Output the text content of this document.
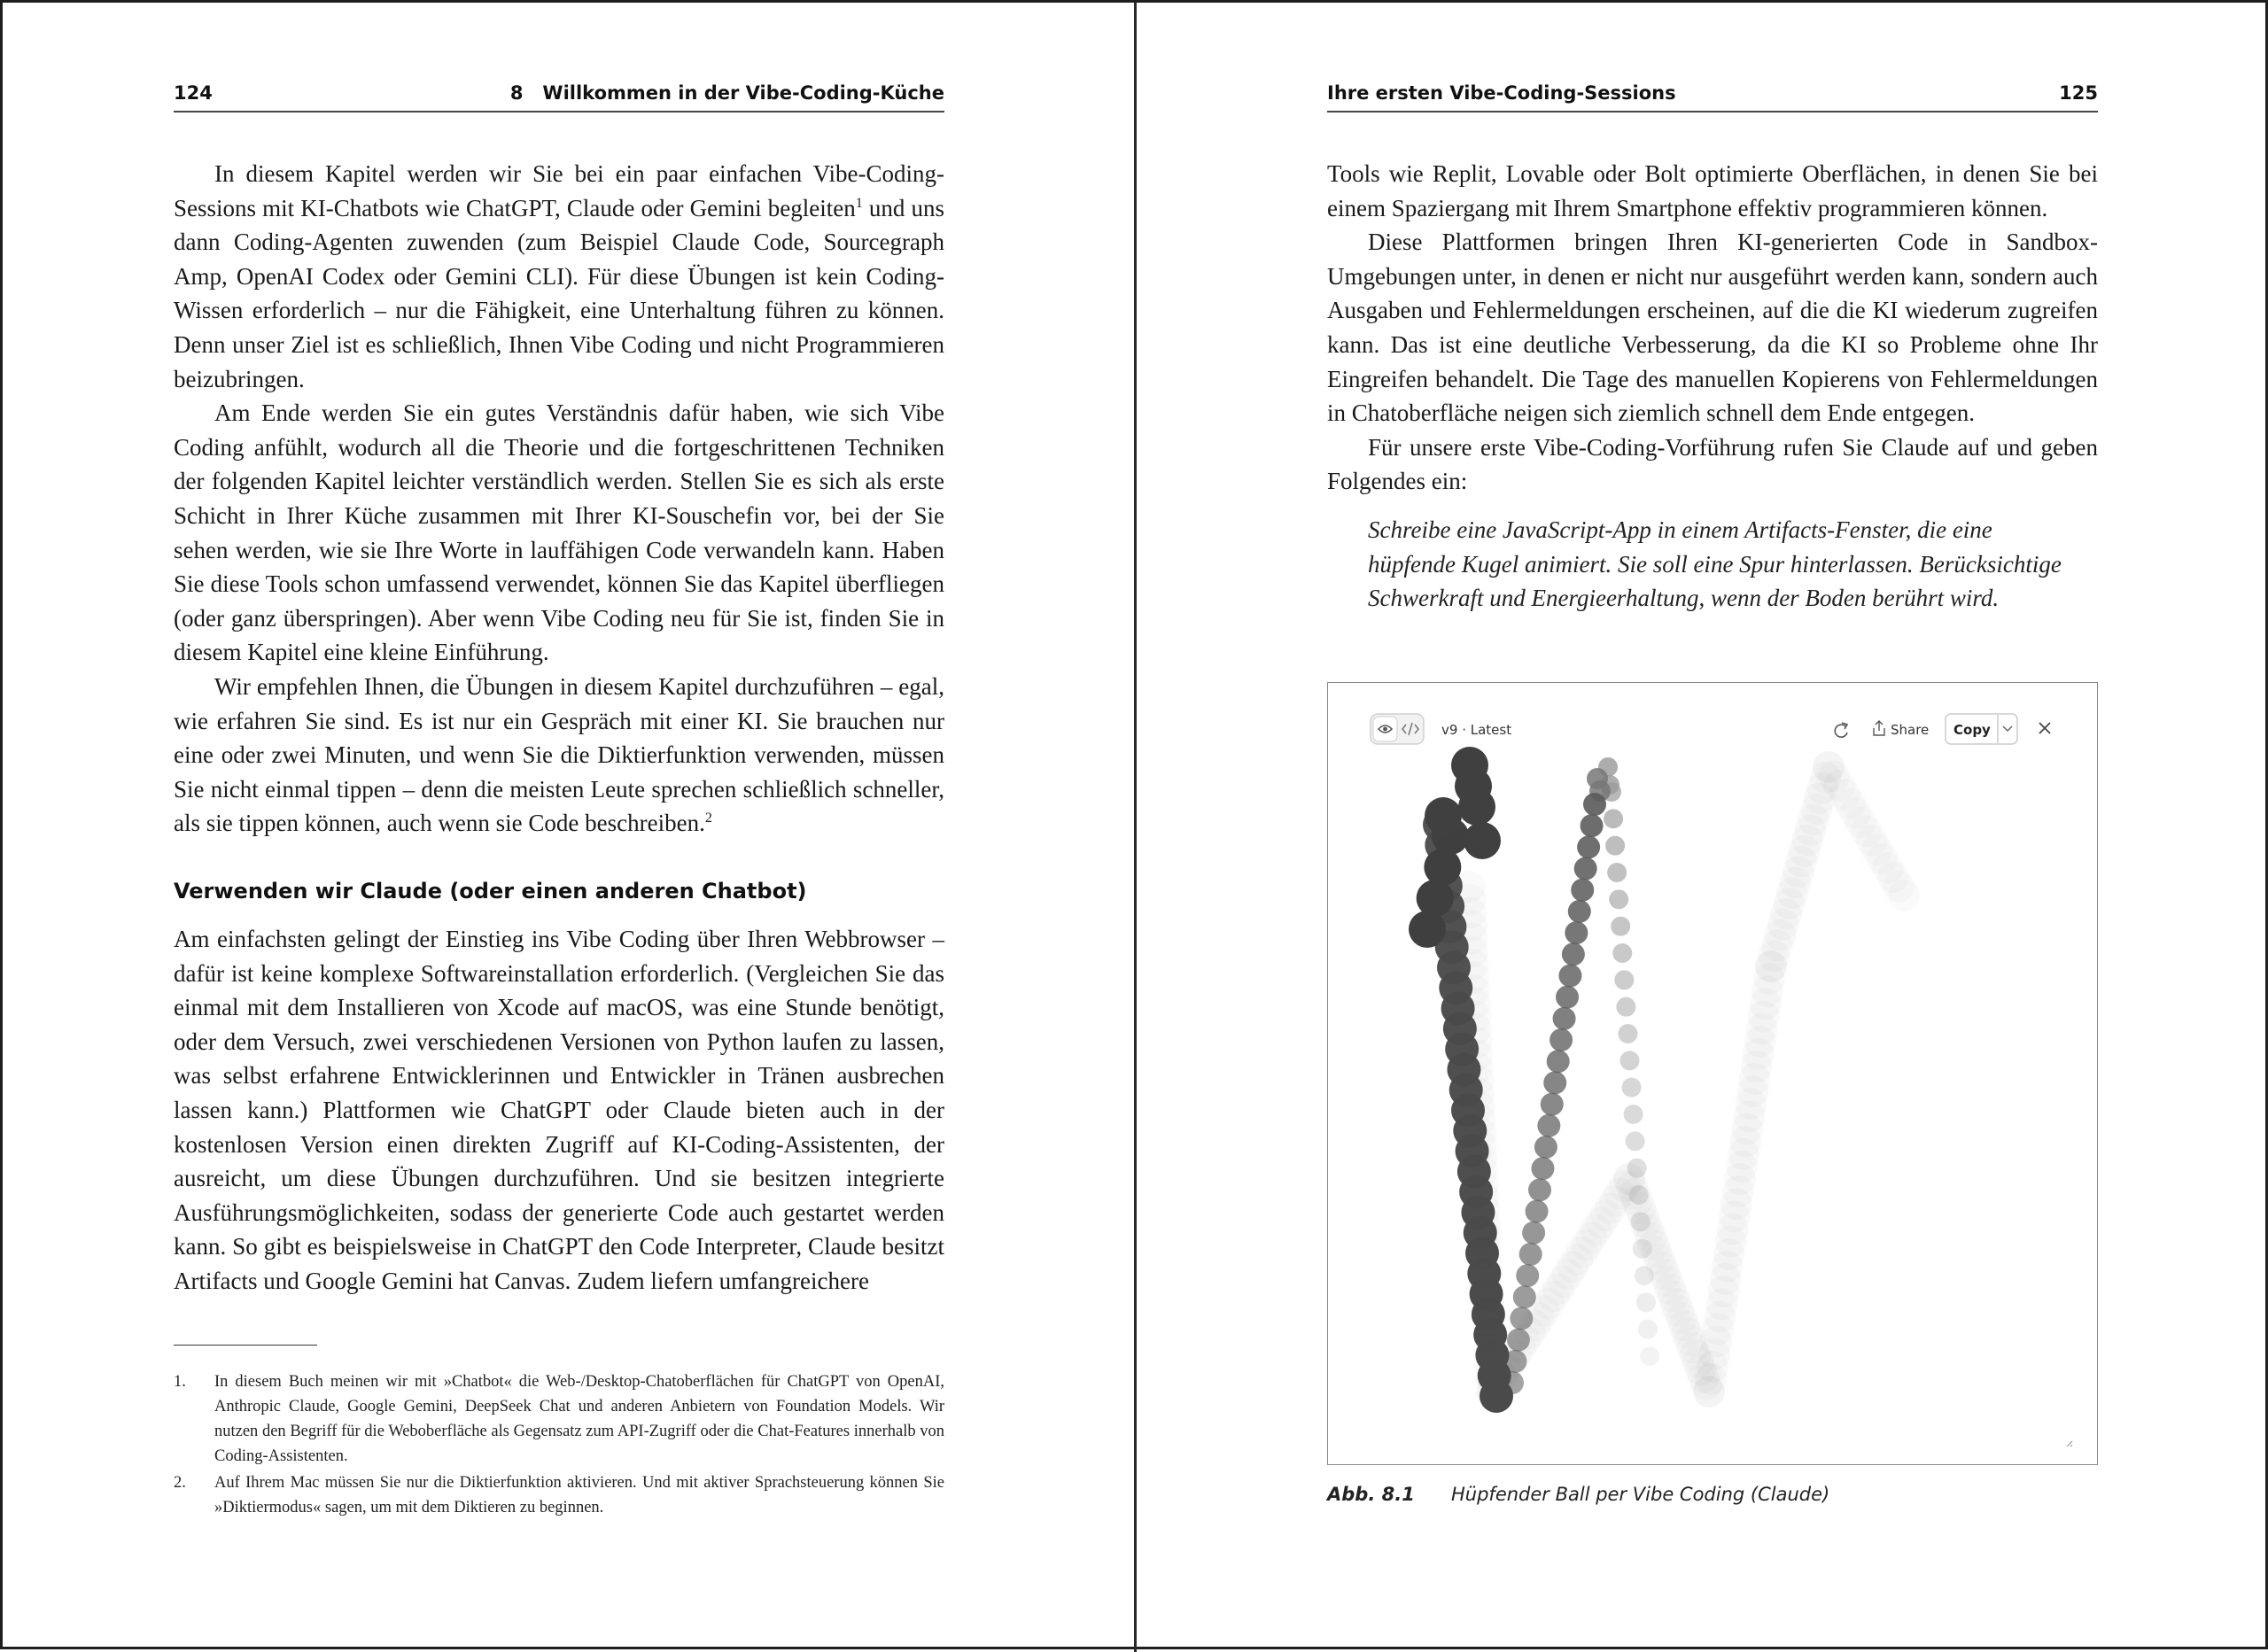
124	8   Willkommen in der Vibe-Coding-Küche

In diesem Kapitel werden wir Sie bei ein paar einfachen Vibe-Coding-Sessions mit KI-Chatbots wie ChatGPT, Claude oder Gemini begleiten$^1$ und uns dann Coding-Agenten zuwenden (zum Beispiel Claude Code, Sourcegraph Amp, OpenAI Codex oder Gemini CLI). Für diese Übungen ist kein Coding-Wissen erforderlich – nur die Fähigkeit, eine Unterhaltung führen zu können. Denn unser Ziel ist es schließlich, Ihnen Vibe Coding und nicht Programmieren beizubringen.

Am Ende werden Sie ein gutes Verständnis dafür haben, wie sich Vibe Coding anfühlt, wodurch all die Theorie und die fortgeschrittenen Techniken der folgenden Kapitel leichter verständlich werden. Stellen Sie es sich als erste Schicht in Ihrer Küche zusammen mit Ihrer KI-Souschefin vor, bei der Sie sehen werden, wie sie Ihre Worte in lauffähigen Code verwandeln kann. Haben Sie diese Tools schon umfassend verwendet, können Sie das Kapitel überfliegen (oder ganz überspringen). Aber wenn Vibe Coding neu für Sie ist, finden Sie in diesem Kapitel eine kleine Einführung.

Wir empfehlen Ihnen, die Übungen in diesem Kapitel durchzuführen – egal, wie erfahren Sie sind. Es ist nur ein Gespräch mit einer KI. Sie brauchen nur eine oder zwei Minuten, und wenn Sie die Diktierfunktion verwenden, müssen Sie nicht einmal tippen – denn die meisten Leute sprechen schließlich schneller, als sie tippen können, auch wenn sie Code beschreiben.$^2$

Verwenden wir Claude (oder einen anderen Chatbot)

Am einfachsten gelingt der Einstieg ins Vibe Coding über Ihren Webbrowser – dafür ist keine komplexe Softwareinstallation erforderlich. (Vergleichen Sie das einmal mit dem Installieren von Xcode auf macOS, was eine Stunde benötigt, oder dem Versuch, zwei verschiedenen Versionen von Python laufen zu lassen, was selbst erfahrene Entwicklerinnen und Entwickler in Tränen ausbrechen lassen kann.) Plattformen wie ChatGPT oder Claude bieten auch in der kostenlosen Version einen direkten Zugriff auf KI-Coding-Assistenten, der ausreicht, um diese Übungen durchzuführen. Und sie besitzen integrierte Ausführungsmöglichkeiten, sodass der generierte Code auch gestartet werden kann. So gibt es beispielsweise in ChatGPT den Code Interpreter, Claude besitzt Artifacts und Google Gemini hat Canvas. Zudem liefern umfangreichere

1. In diesem Buch meinen wir mit »Chatbot« die Web-/Desktop-Chatoberflächen für ChatGPT von OpenAI, Anthropic Claude, Google Gemini, DeepSeek Chat und anderen Anbietern von Foundation Models. Wir nutzen den Begriff für die Weboberfläche als Gegensatz zum API-Zugriff oder die Chat-Features innerhalb von Coding-Assistenten.
2. Auf Ihrem Mac müssen Sie nur die Diktierfunktion aktivieren. Und mit aktiver Sprachsteuerung können Sie »Diktiermodus« sagen, um mit dem Diktieren zu beginnen.
Ihre ersten Vibe-Coding-Sessions	125

Tools wie Replit, Lovable oder Bolt optimierte Oberflächen, in denen Sie bei einem Spaziergang mit Ihrem Smartphone effektiv programmieren können.

Diese Plattformen bringen Ihren KI-generierten Code in Sandbox-Umgebungen unter, in denen er nicht nur ausgeführt werden kann, sondern auch Ausgaben und Fehlermeldungen erscheinen, auf die die KI wiederum zugreifen kann. Das ist eine deutliche Verbesserung, da die KI so Probleme ohne Ihr Eingreifen behandelt. Die Tage des manuellen Kopierens von Fehlermeldungen in Chatoberfläche neigen sich ziemlich schnell dem Ende entgegen.

Für unsere erste Vibe-Coding-Vorführung rufen Sie Claude auf und geben Folgendes ein:

Schreibe eine JavaScript-App in einem Artifacts-Fenster, die eine hüpfende Kugel animiert. Sie soll eine Spur hinterlassen. Berücksichtige Schwerkraft und Energieerhaltung, wenn der Boden berührt wird.
v9 · Latest	Share Copy
Abb. 8.1 Hüpfender Ball per Vibe Coding (Claude)
